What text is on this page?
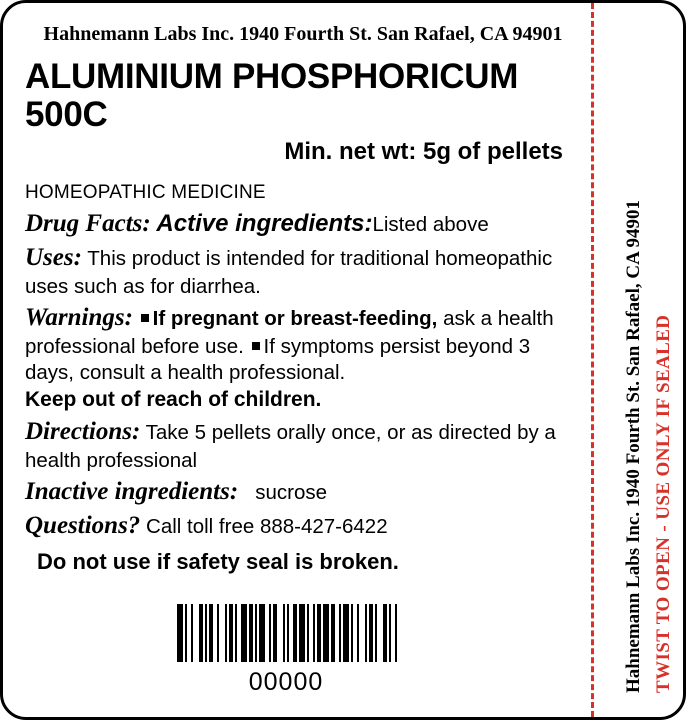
Hahnemann Labs Inc. 1940 Fourth St. San Rafael, CA 94901
ALUMINIUM PHOSPHORICUM 500C
Min. net wt: 5g of pellets
HOMEOPATHIC MEDICINE
Drug Facts: Active ingredients:Listed above
Uses: This product is intended for traditional homeopathic uses such as for diarrhea.
Warnings: If pregnant or breast-feeding, ask a health professional before use. If symptoms persist beyond 3 days, consult a health professional.
Keep out of reach of children.
Directions: Take 5 pellets orally once, or as directed by a health professional
Inactive ingredients: sucrose
Questions? Call toll free 888-427-6422
Do not use if safety seal is broken.
00000	Hahnemann Labs Inc. 1940 Fourth St. San Rafael, CA 94901 TWIST TO OPEN - USE ONLY IF SEALED
